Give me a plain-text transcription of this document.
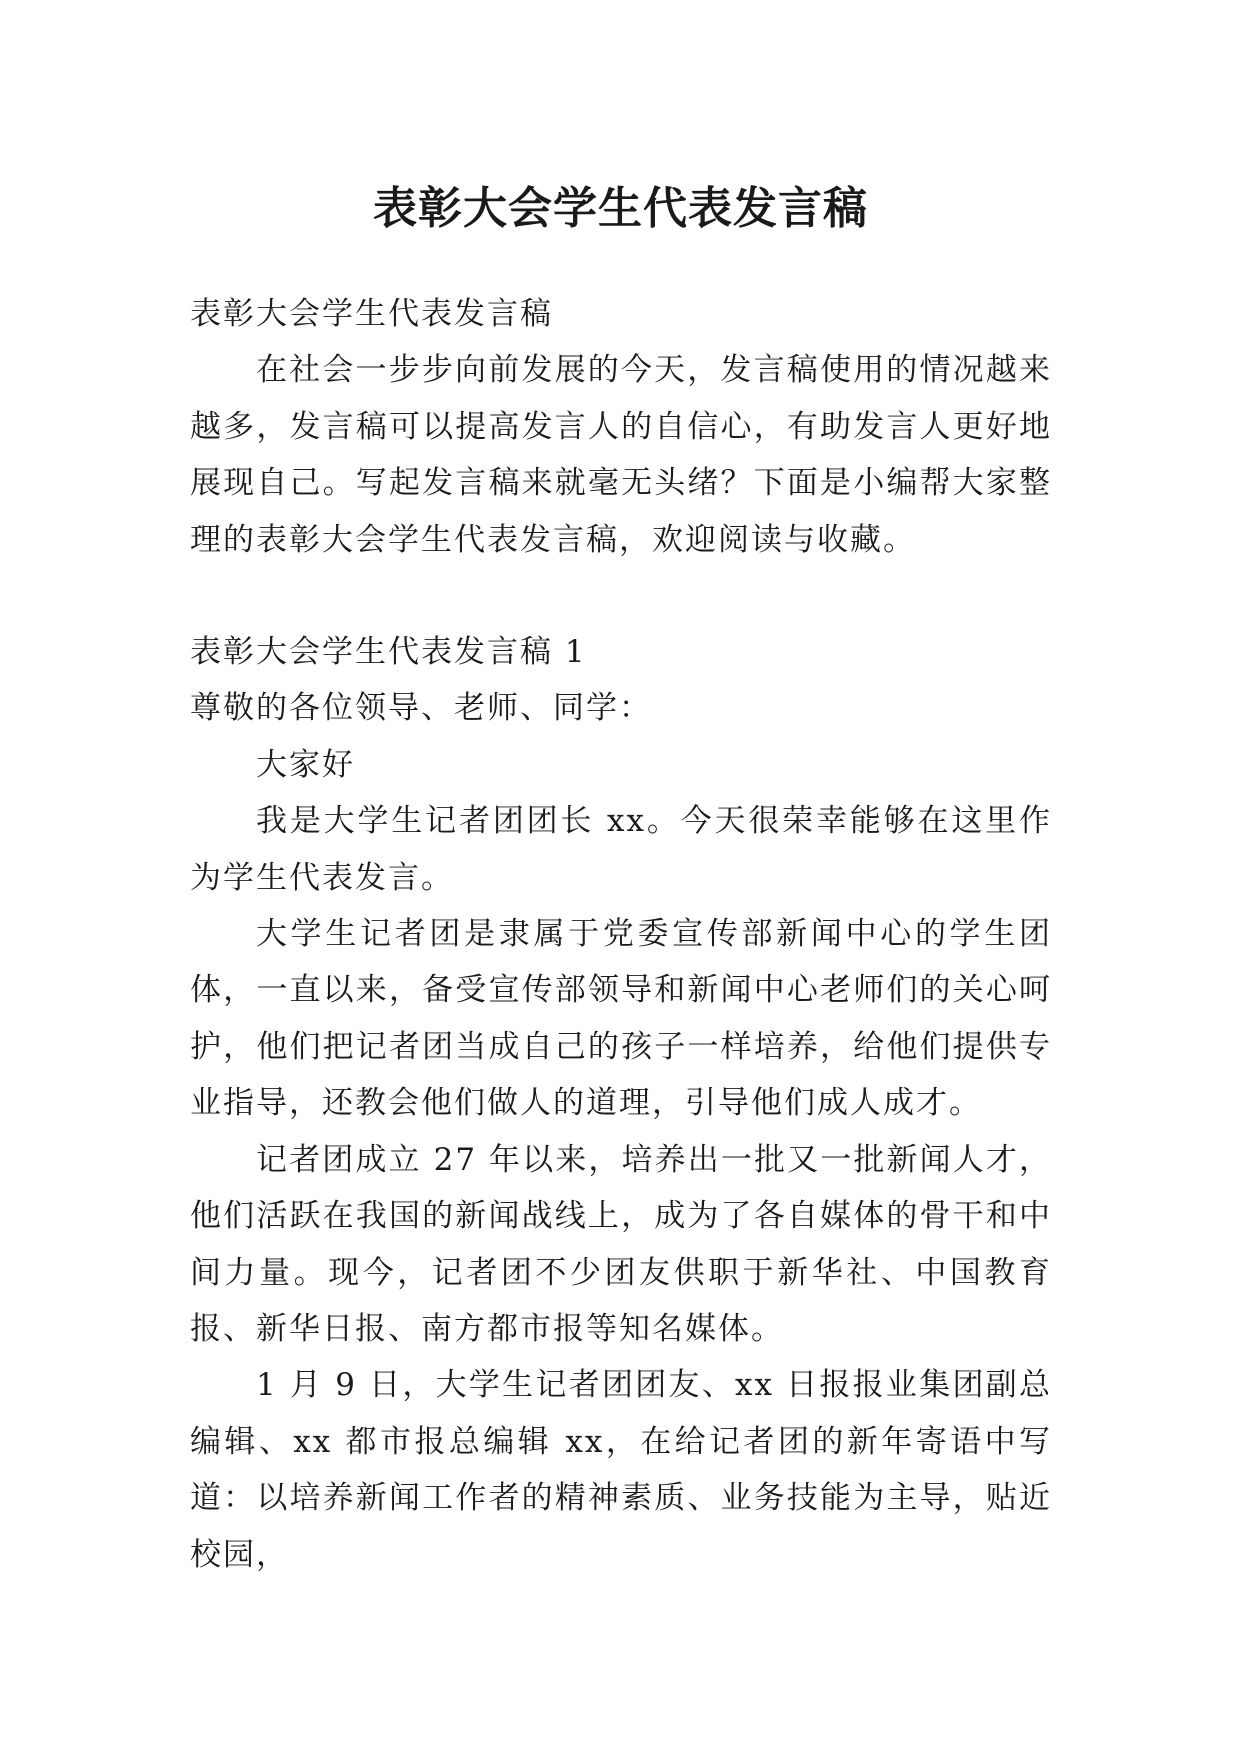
表彰大会学生代表发言稿

表彰大会学生代表发言稿

在社会一步步向前发展的今天，发言稿使用的情况越来越多，发言稿可以提高发言人的自信心，有助发言人更好地展现自己。写起发言稿来就毫无头绪？下面是小编帮大家整理的表彰大会学生代表发言稿，欢迎阅读与收藏。

表彰大会学生代表发言稿 1

尊敬的各位领导、老师、同学：

大家好

我是大学生记者团团长 xx。今天很荣幸能够在这里作为学生代表发言。

大学生记者团是隶属于党委宣传部新闻中心的学生团体，一直以来，备受宣传部领导和新闻中心老师们的关心呵护，他们把记者团当成自己的孩子一样培养，给他们提供专业指导，还教会他们做人的道理，引导他们成人成才。

记者团成立 27 年以来，培养出一批又一批新闻人才，他们活跃在我国的新闻战线上，成为了各自媒体的骨干和中间力量。现今，记者团不少团友供职于新华社、中国教育报、新华日报、南方都市报等知名媒体。

1 月 9 日，大学生记者团团友、xx 日报报业集团副总编辑、xx 都市报总编辑 xx，在给记者团的新年寄语中写道：以培养新闻工作者的精神素质、业务技能为主导，贴近校园，
